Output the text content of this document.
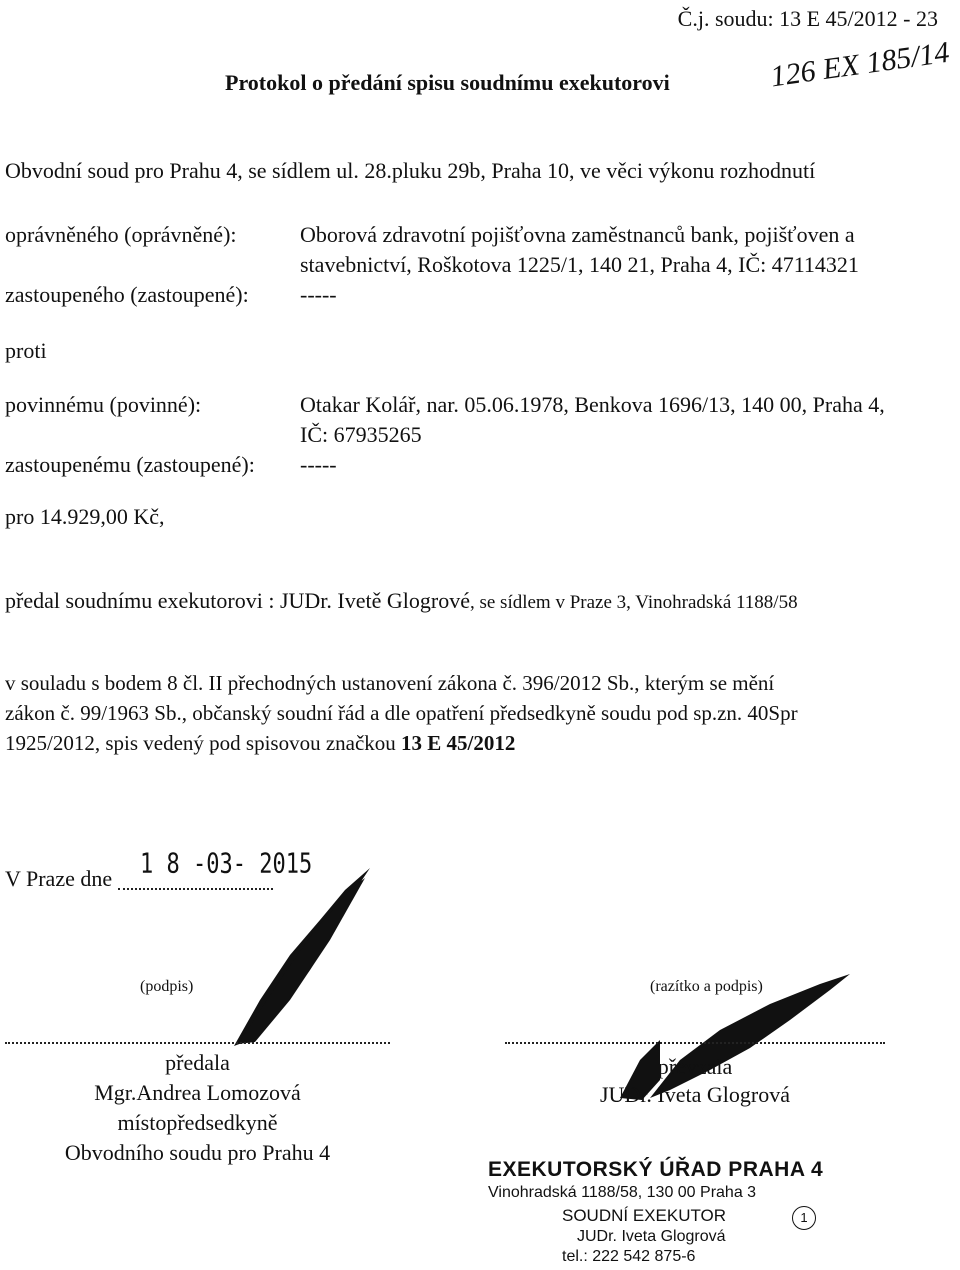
Č.j. soudu: 13 E 45/2012 - 23
Protokol o předání spisu soudnímu exekutorovi	126 EX 185/14
Obvodní soud pro Prahu 4, se sídlem ul. 28.pluku 29b, Praha 10, ve věci výkonu rozhodnutí
oprávněného (oprávněné):	Oborová zdravotní pojišťovna zaměstnanců bank, pojišťoven a
stavebnictví, Roškotova 1225/1, 140 21, Praha 4, IČ: 47114321
zastoupeného (zastoupené): -----
proti
povinnému (povinné):	Otakar Kolář, nar. 05.06.1978, Benkova 1696/13, 140 00, Praha 4,
IČ: 67935265
zastoupenému (zastoupené): -----
pro 14.929,00 Kč,
předal soudnímu exekutorovi : JUDr. Ivetě Glogrové, se sídlem v Praze 3, Vinohradská 1188/58
v souladu s bodem 8 čl. II přechodných ustanovení zákona č. 396/2012 Sb., kterým se mění
zákon č. 99/1963 Sb., občanský soudní řád a dle opatření předsedkyně soudu pod sp.zn. 40Spr
1925/2012, spis vedený pod spisovou značkou 13 E 45/2012
V Praze dne 1 8 -03- 2015
(podpis)	(razítko a podpis)
předala
Mgr.Andrea Lomozová
místopředsedkyně
Obvodního soudu pro Prahu 4
převzala
JUDr. Iveta Glogrová
EXEKUTORSKÝ ÚŘAD PRAHA 4
Vinohradská 1188/58, 130 00 Praha 3
SOUDNÍ EXEKUTOR	1
JUDr. Iveta Glogrová
tel.: 222 542 875-6
